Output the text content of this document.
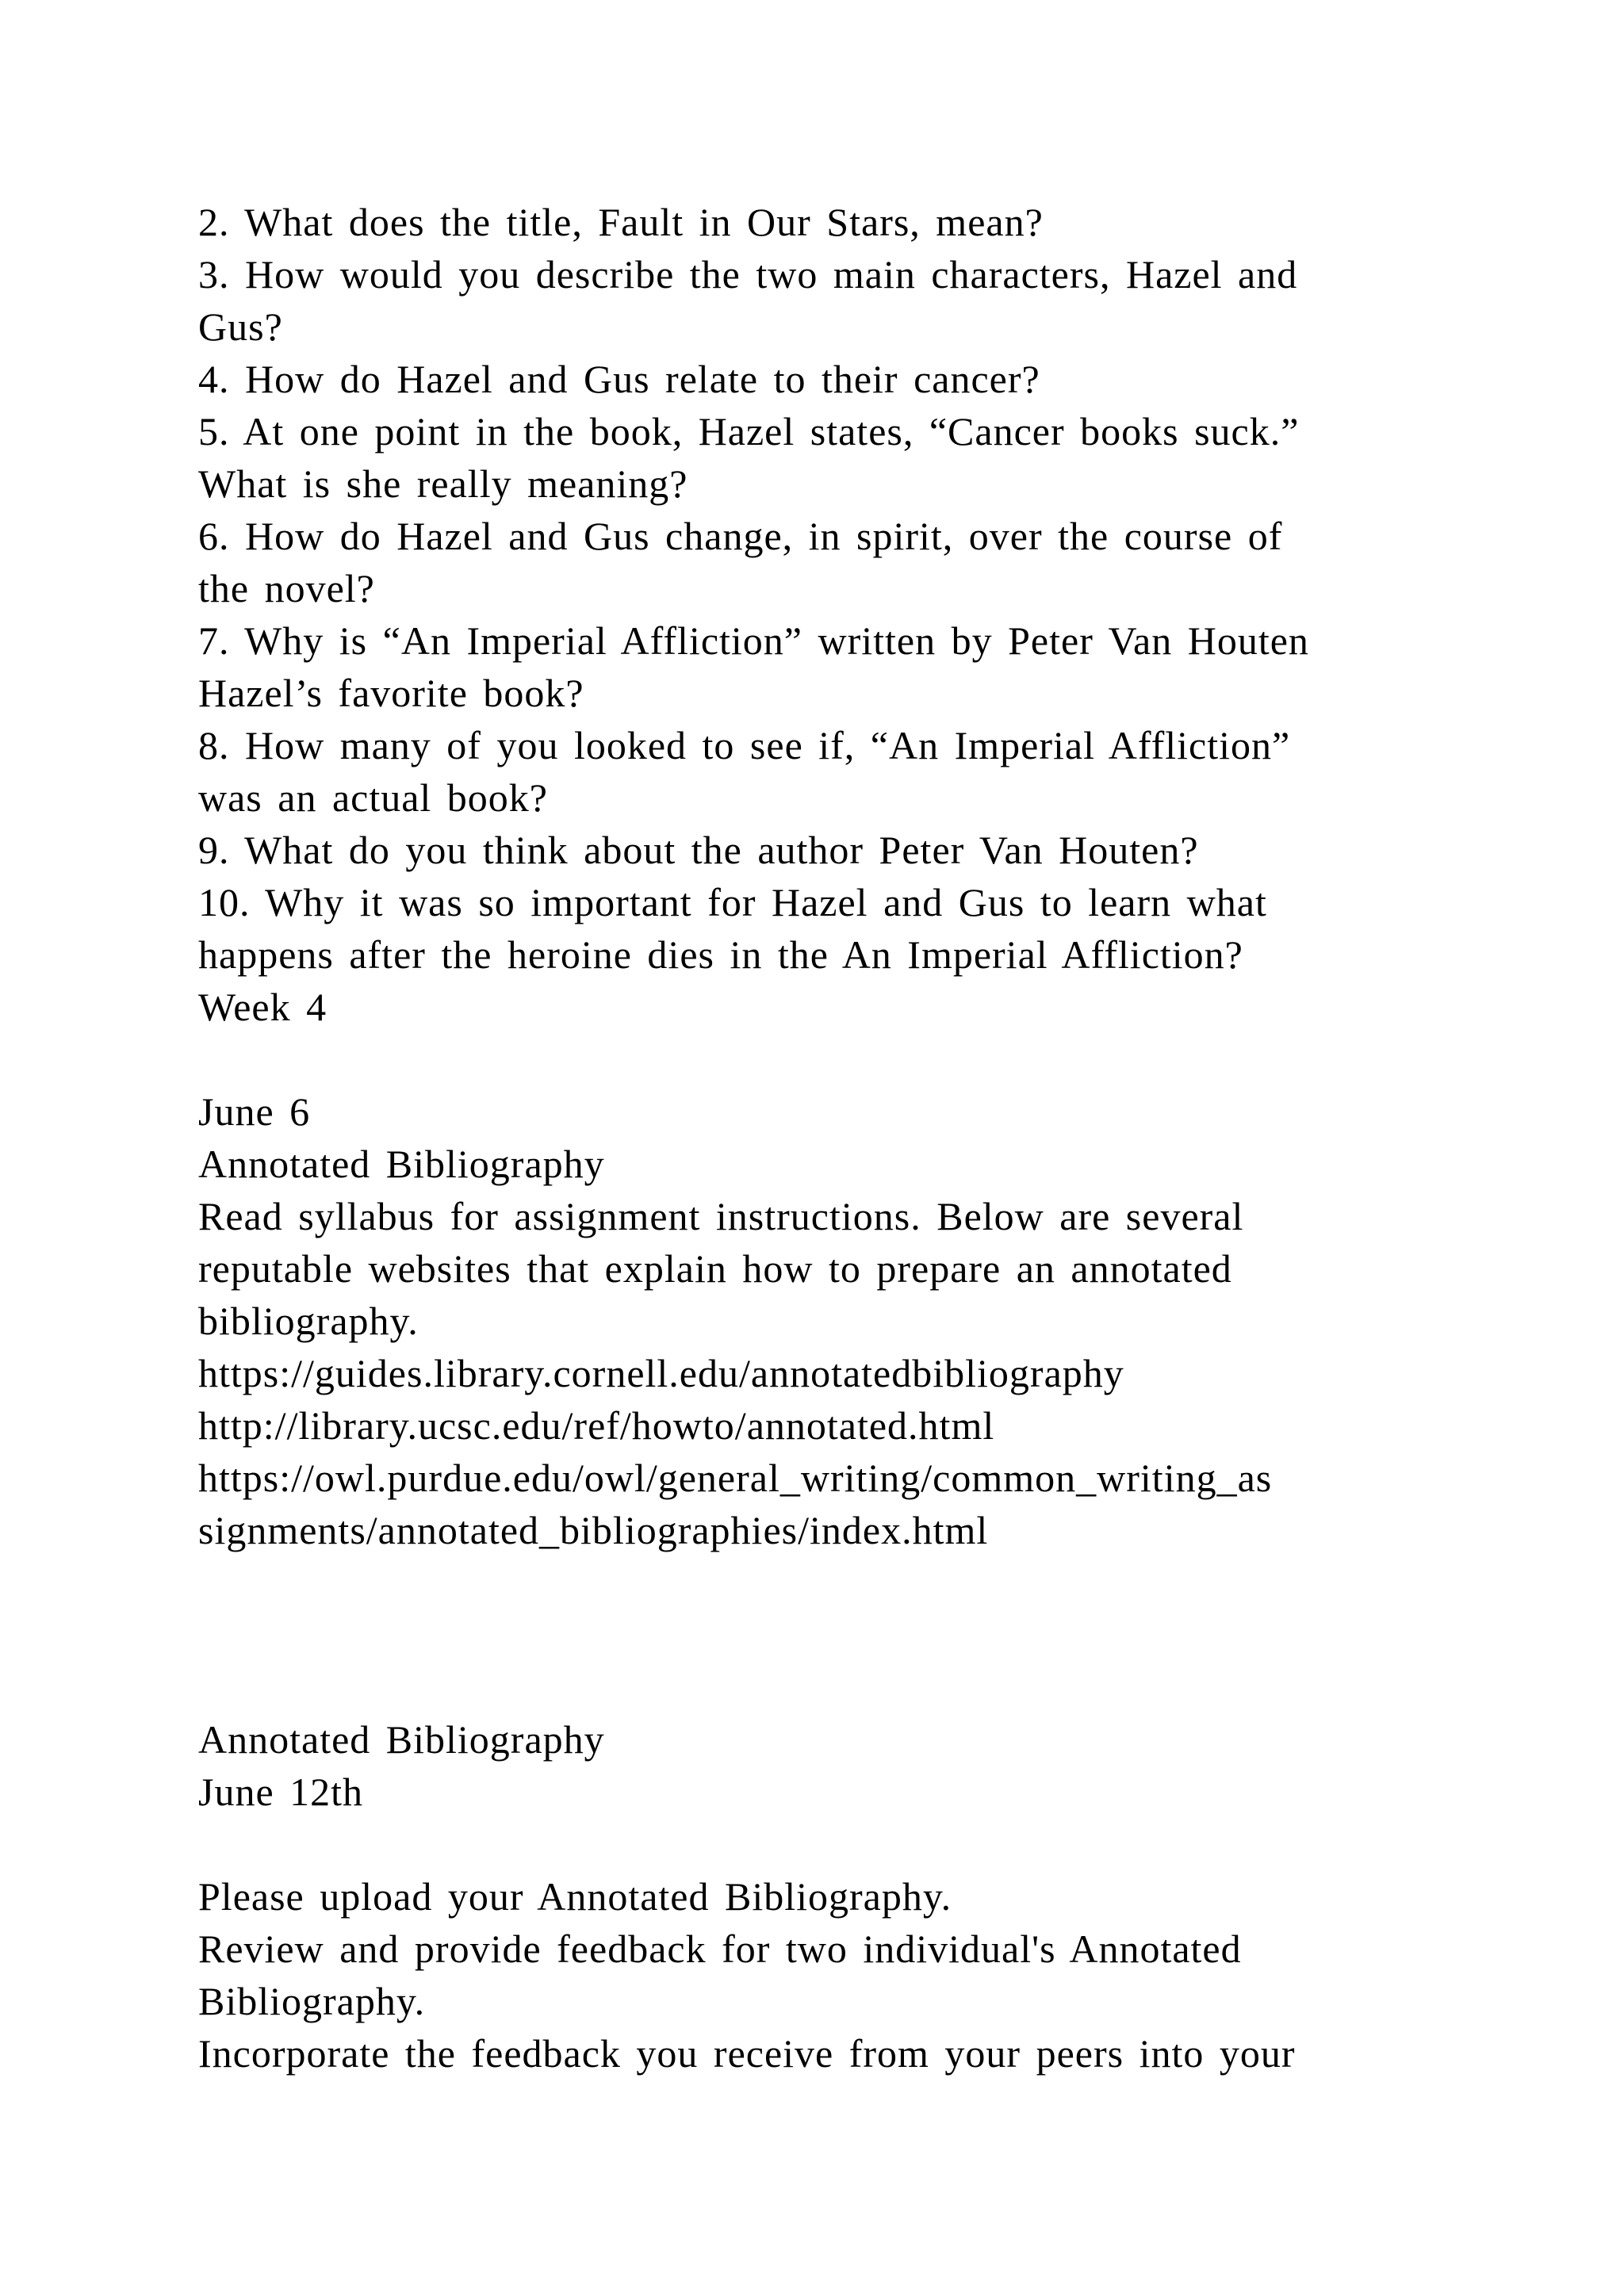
2. What does the title, Fault in Our Stars, mean?
3. How would you describe the two main characters, Hazel and
Gus?
4. How do Hazel and Gus relate to their cancer?
5. At one point in the book, Hazel states, “Cancer books suck.”
What is she really meaning?
6. How do Hazel and Gus change, in spirit, over the course of
the novel?
7. Why is “An Imperial Affliction” written by Peter Van Houten
Hazel’s favorite book?
8. How many of you looked to see if, “An Imperial Affliction”
was an actual book?
9. What do you think about the author Peter Van Houten?
10. Why it was so important for Hazel and Gus to learn what
happens after the heroine dies in the An Imperial Affliction?
Week 4
June 6
Annotated Bibliography
Read syllabus for assignment instructions. Below are several
reputable websites that explain how to prepare an annotated
bibliography.
https://guides.library.cornell.edu/annotatedbibliography
http://library.ucsc.edu/ref/howto/annotated.html
https://owl.purdue.edu/owl/general_writing/common_writing_as
signments/annotated_bibliographies/index.html
Annotated Bibliography
June 12th
Please upload your Annotated Bibliography.
Review and provide feedback for two individual's Annotated
Bibliography.
Incorporate the feedback you receive from your peers into your
